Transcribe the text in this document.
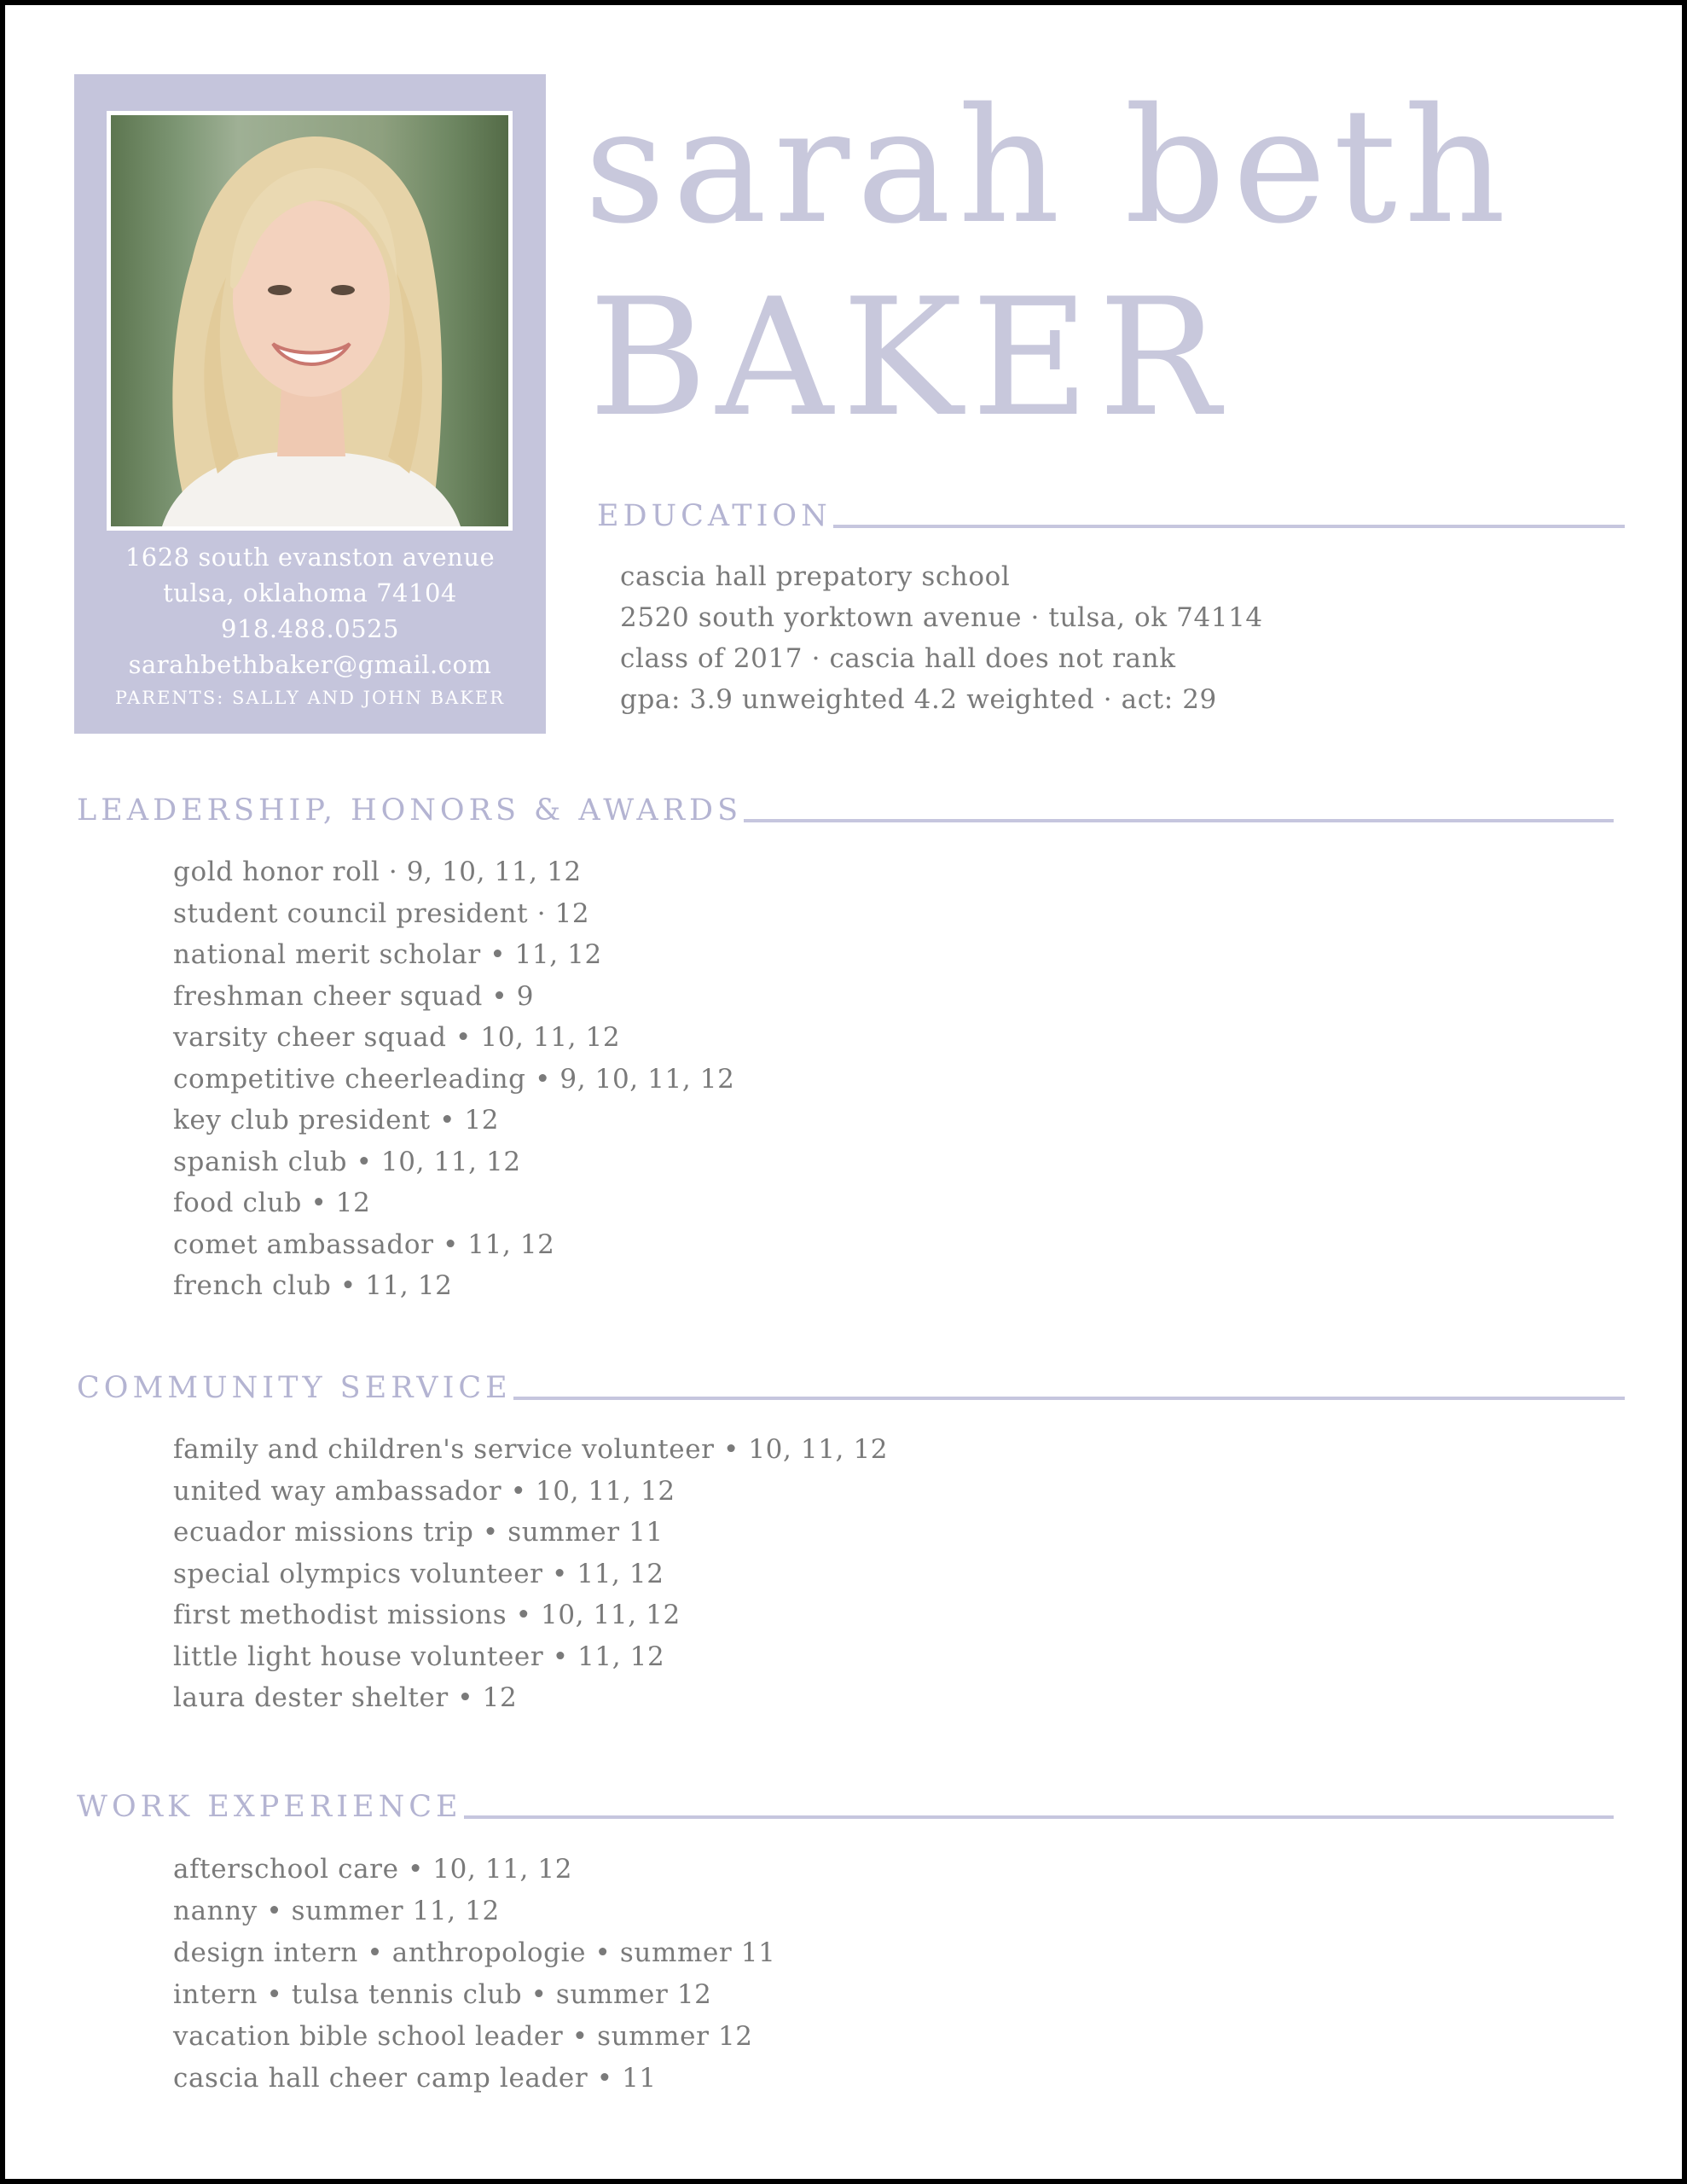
1628 south evanston avenue
tulsa, oklahoma 74104
918.488.0525
sarahbethbaker@gmail.com
PARENTS: SALLY AND JOHN BAKER
sarah beth
BAKER
EDUCATION
cascia hall prepatory school
2520 south yorktown avenue · tulsa, ok 74114
class of 2017 · cascia hall does not rank
gpa: 3.9 unweighted 4.2 weighted · act: 29
LEADERSHIP, HONORS & AWARDS
gold honor roll · 9, 10, 11, 12
student council president · 12
national merit scholar • 11, 12
freshman cheer squad • 9
varsity cheer squad • 10, 11, 12
competitive cheerleading • 9, 10, 11, 12
key club president • 12
spanish club • 10, 11, 12
food club • 12
comet ambassador • 11, 12
french club • 11, 12
COMMUNITY SERVICE
family and children's service volunteer • 10, 11, 12
united way ambassador • 10, 11, 12
ecuador missions trip • summer 11
special olympics volunteer • 11, 12
first methodist missions • 10, 11, 12
little light house volunteer • 11, 12
laura dester shelter • 12
WORK EXPERIENCE
afterschool care • 10, 11, 12
nanny • summer 11, 12
design intern • anthropologie • summer 11
intern • tulsa tennis club • summer 12
vacation bible school leader • summer 12
cascia hall cheer camp leader • 11
